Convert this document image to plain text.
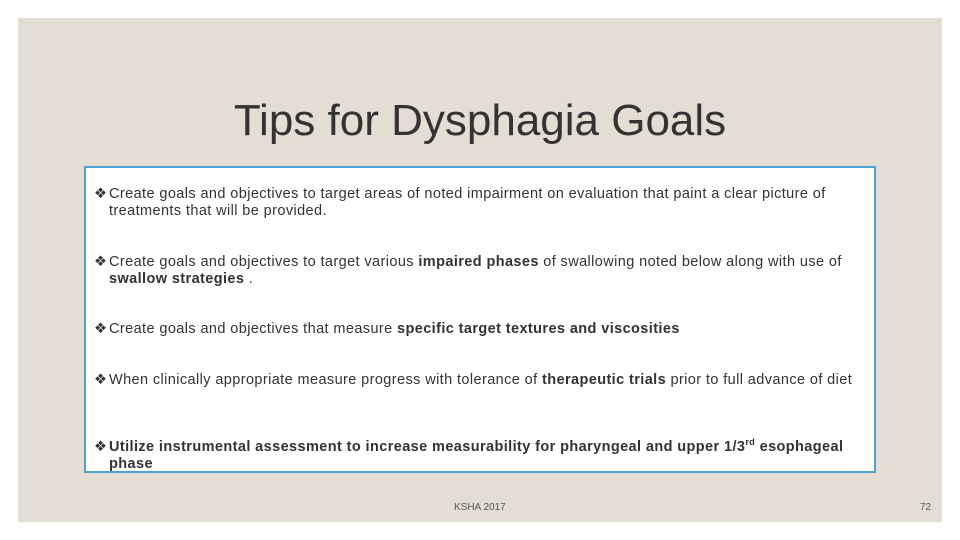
Tips for Dysphagia Goals
❖ Create goals and objectives to target areas of noted impairment on evaluation that paint a clear picture of treatments that will be provided.
❖ Create goals and objectives to target various impaired phases of swallowing noted below along with use of swallow strategies .
❖ Create goals and objectives that measure specific target textures and viscosities
❖ When clinically appropriate measure progress with tolerance of therapeutic trials prior to full advance of diet
❖ Utilize instrumental assessment to increase measurability for pharyngeal and upper 1/3rd esophageal phase
KSHA 2017	72
